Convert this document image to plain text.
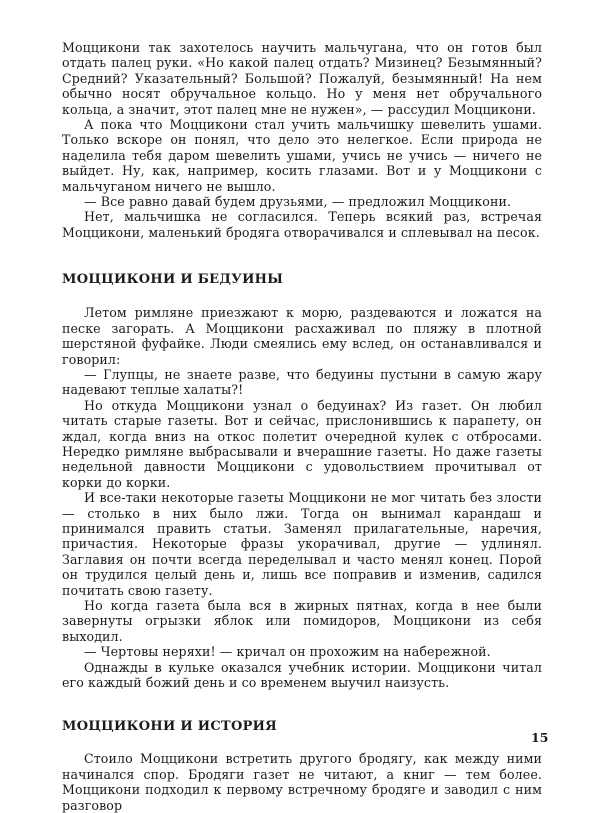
Моццикони так захотелось научить мальчугана, что он готов был отдать палец руки. «Но какой палец отдать? Мизинец? Безымянный? Средний? Указательный? Большой? Пожалуй, безымянный! На нем обычно носят обручальное кольцо. Но у меня нет обручального кольца, а значит, этот палец мне не нужен», — рассудил Моццикони.

А пока что Моццикони стал учить мальчишку шевелить ушами. Только вскоре он понял, что дело это нелегкое. Если природа не наделила тебя даром шевелить ушами, учись не учись — ничего не выйдет. Ну, как, например, косить глазами. Вот и у Моццикони с мальчуганом ничего не вышло.

— Все равно давай будем друзьями, — предложил Моццикони.

Нет, мальчишка не согласился. Теперь всякий раз, встречая Моццикони, маленький бродяга отворачивался и сплевывал на песок.

МОЦЦИКОНИ И БЕДУИНЫ

Летом римляне приезжают к морю, раздеваются и ложатся на песке загорать. А Моццикони расхаживал по пляжу в плотной шерстяной фуфайке. Люди смеялись ему вслед, он останавливался и говорил:

— Глупцы, не знаете разве, что бедуины пустыни в самую жару надевают теплые халаты?!

Но откуда Моццикони узнал о бедуинах? Из газет. Он любил читать старые газеты. Вот и сейчас, прислонившись к парапету, он ждал, когда вниз на откос полетит очередной кулек с отбросами. Нередко римляне выбрасывали и вчерашние газеты. Но даже газеты недельной давности Моццикони с удовольствием прочитывал от корки до корки.

И все-таки некоторые газеты Моццикони не мог читать без злости — столько в них было лжи. Тогда он вынимал карандаш и принимался править статьи. Заменял прилагательные, наречия, причастия. Некоторые фразы укорачивал, другие — удлинял. Заглавия он почти всегда переделывал и часто менял конец. Порой он трудился целый день и, лишь все поправив и изменив, садился почитать свою газету.

Но когда газета была вся в жирных пятнах, когда в нее были завернуты огрызки яблок или помидоров, Моццикони из себя выходил.

— Чертовы неряхи! — кричал он прохожим на набережной.

Однажды в кульке оказался учебник истории. Моццикони читал его каждый божий день и со временем выучил наизусть.

МОЦЦИКОНИ И ИСТОРИЯ

Стоило Моццикони встретить другого бродягу, как между ними начинался спор. Бродяги газет не читают, а книг — тем более. Моццикони подходил к первому встречному бродяге и заводил с ним разговор

15
